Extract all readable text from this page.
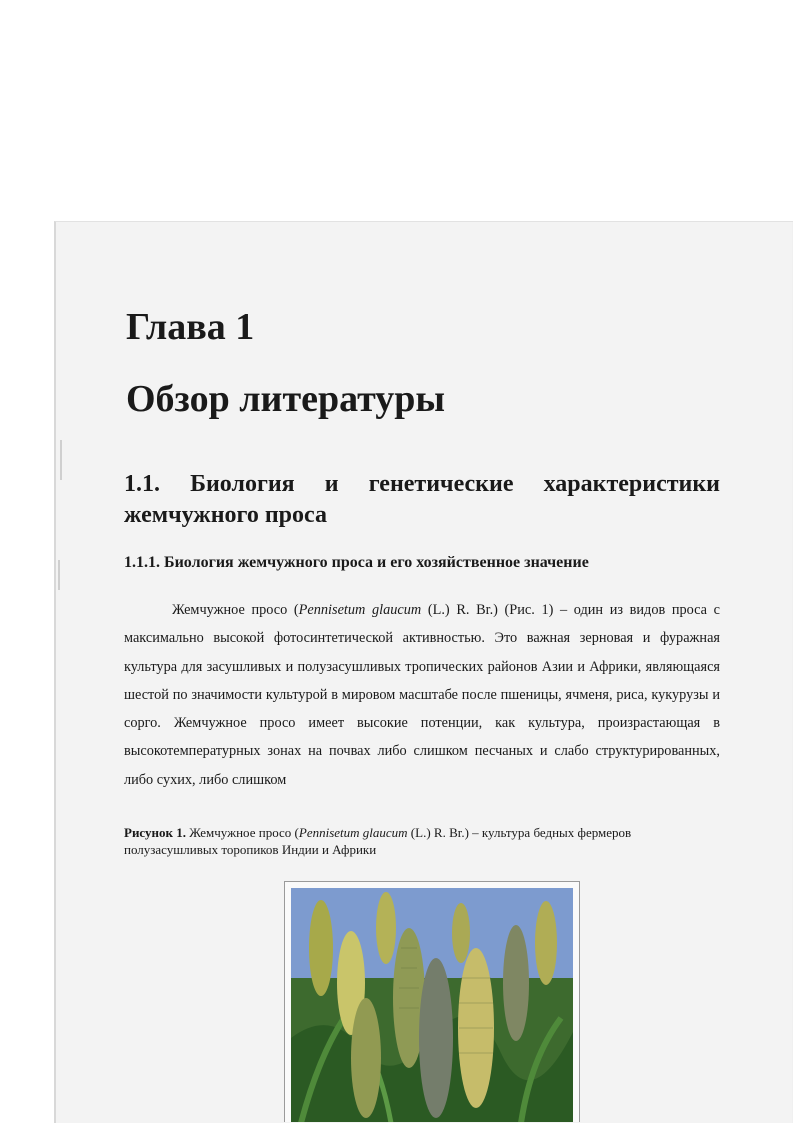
Глава 1
Обзор литературы
1.1. Биология и генетические характеристики жемчужного проса
1.1.1. Биология жемчужного проса и его хозяйственное значение

Жемчужное просо (Pennisetum glaucum (L.) R. Br.) (Рис. 1) – один из видов проса с максимально высокой фотосинтетической активностью. Это важная зерновая и фуражная культура для засушливых и полузасушливых тропических районов Азии и Африки, являющаяся шестой по значимости культурой в мировом масштабе после пшеницы, ячменя, риса, кукурузы и сорго. Жемчужное просо имеет высокие потенции, как культура, произрастающая в высокотемпературных зонах на почвах либо слишком песчаных и слабо структурированных, либо сухих, либо слишком

Рисунок 1. Жемчужное просо (Pennisetum glaucum (L.) R. Br.) – культура бедных фермеров полузасушливых торопиков Индии и Африки
